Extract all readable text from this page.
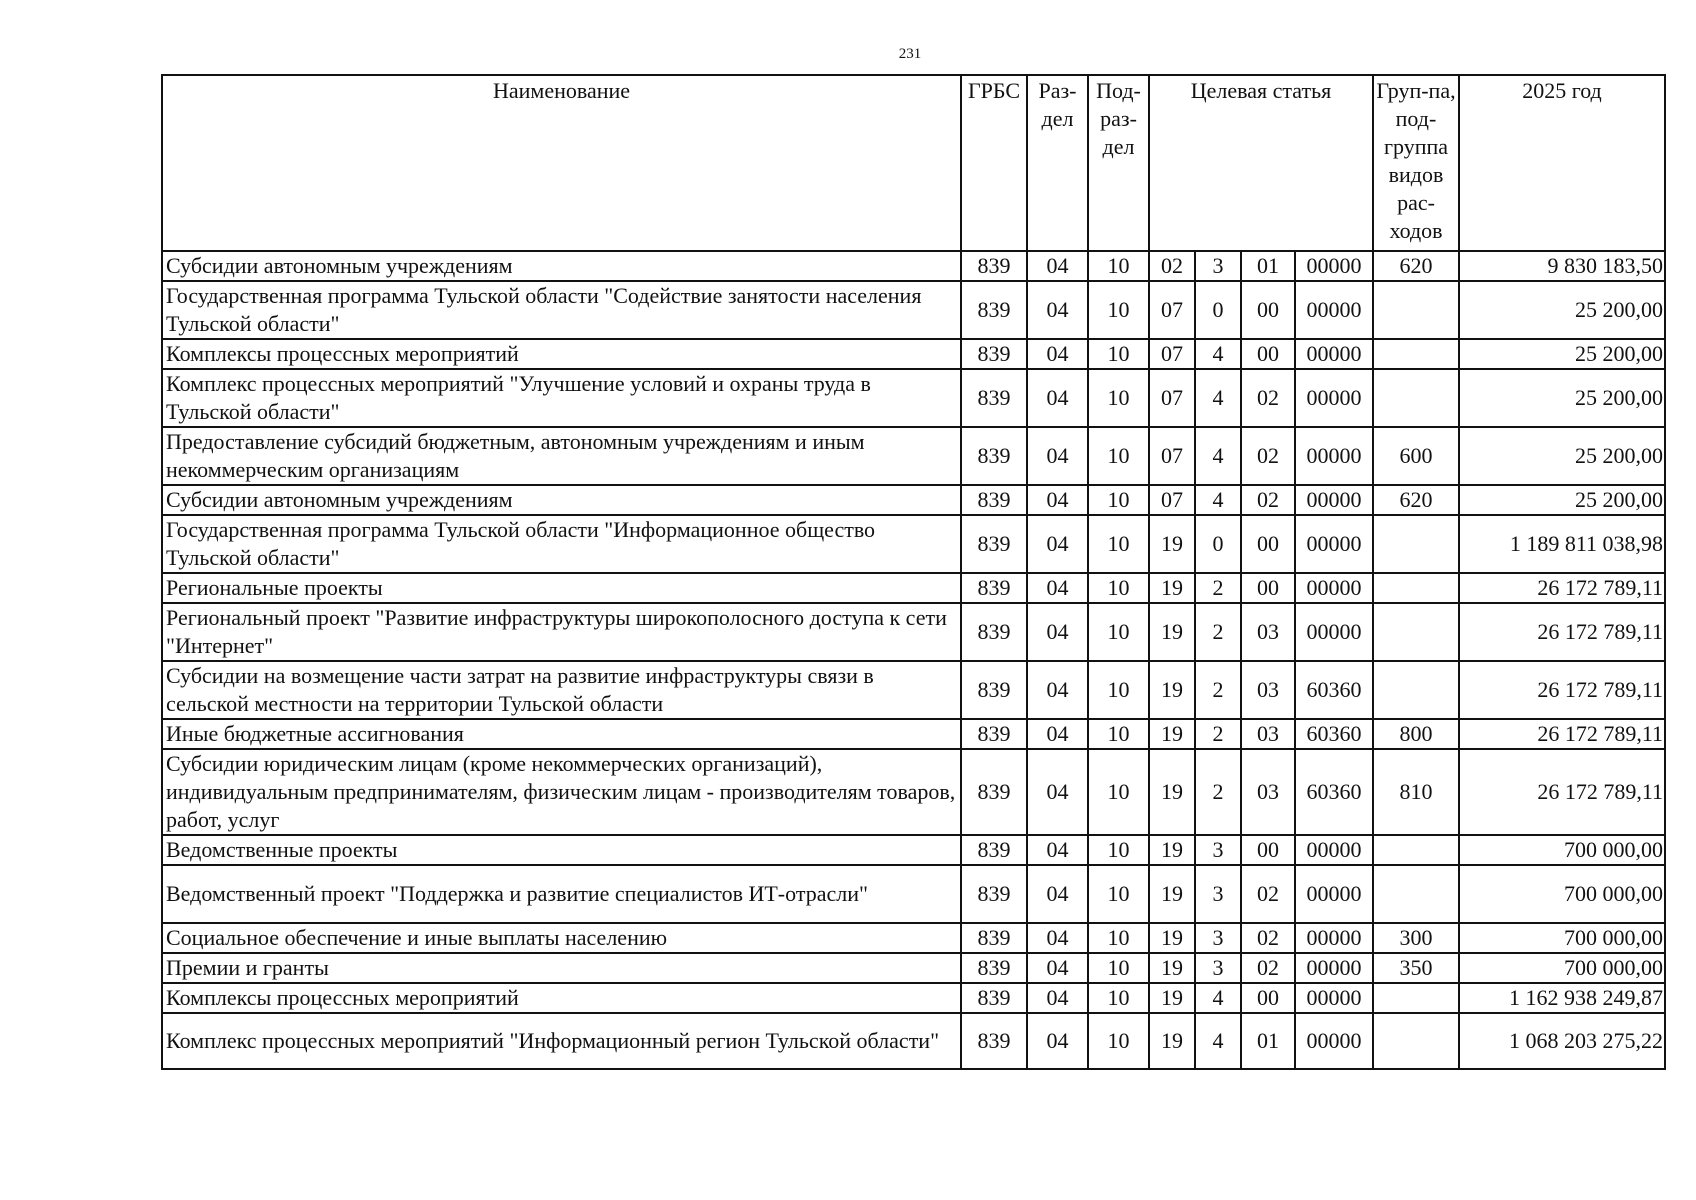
231
Наименование	ГРБС	Раз-дел	Под-раз-дел	Целевая статья				Груп-па, под-группа видов рас-ходов	2025 год
Субсидии автономным учреждениям	839	04	10	02	3	01	00000	620	9 830 183,50
Государственная программа Тульской области "Содействие занятости населения Тульской области"	839	04	10	07	0	00	00000		25 200,00
Комплексы процессных мероприятий	839	04	10	07	4	00	00000		25 200,00
Комплекс процессных мероприятий "Улучшение условий и охраны труда в Тульской области"	839	04	10	07	4	02	00000		25 200,00
Предоставление субсидий бюджетным, автономным учреждениям и иным некоммерческим организациям	839	04	10	07	4	02	00000	600	25 200,00
Субсидии автономным учреждениям	839	04	10	07	4	02	00000	620	25 200,00
Государственная программа Тульской области "Информационное общество Тульской области"	839	04	10	19	0	00	00000		1 189 811 038,98
Региональные проекты	839	04	10	19	2	00	00000		26 172 789,11
Региональный проект "Развитие инфраструктуры широкополосного доступа к сети "Интернет"	839	04	10	19	2	03	00000		26 172 789,11
Субсидии на возмещение части затрат на развитие инфраструктуры связи в сельской местности на территории Тульской области	839	04	10	19	2	03	60360		26 172 789,11
Иные бюджетные ассигнования	839	04	10	19	2	03	60360	800	26 172 789,11
Субсидии юридическим лицам (кроме некоммерческих организаций), индивидуальным предпринимателям, физическим лицам - производителям товаров, работ, услуг	839	04	10	19	2	03	60360	810	26 172 789,11
Ведомственные проекты	839	04	10	19	3	00	00000		700 000,00
Ведомственный проект "Поддержка и развитие специалистов ИТ-отрасли"	839	04	10	19	3	02	00000		700 000,00
Социальное обеспечение и иные выплаты населению	839	04	10	19	3	02	00000	300	700 000,00
Премии и гранты	839	04	10	19	3	02	00000	350	700 000,00
Комплексы процессных мероприятий	839	04	10	19	4	00	00000		1 162 938 249,87
Комплекс процессных мероприятий "Информационный регион Тульской области"	839	04	10	19	4	01	00000		1 068 203 275,22
